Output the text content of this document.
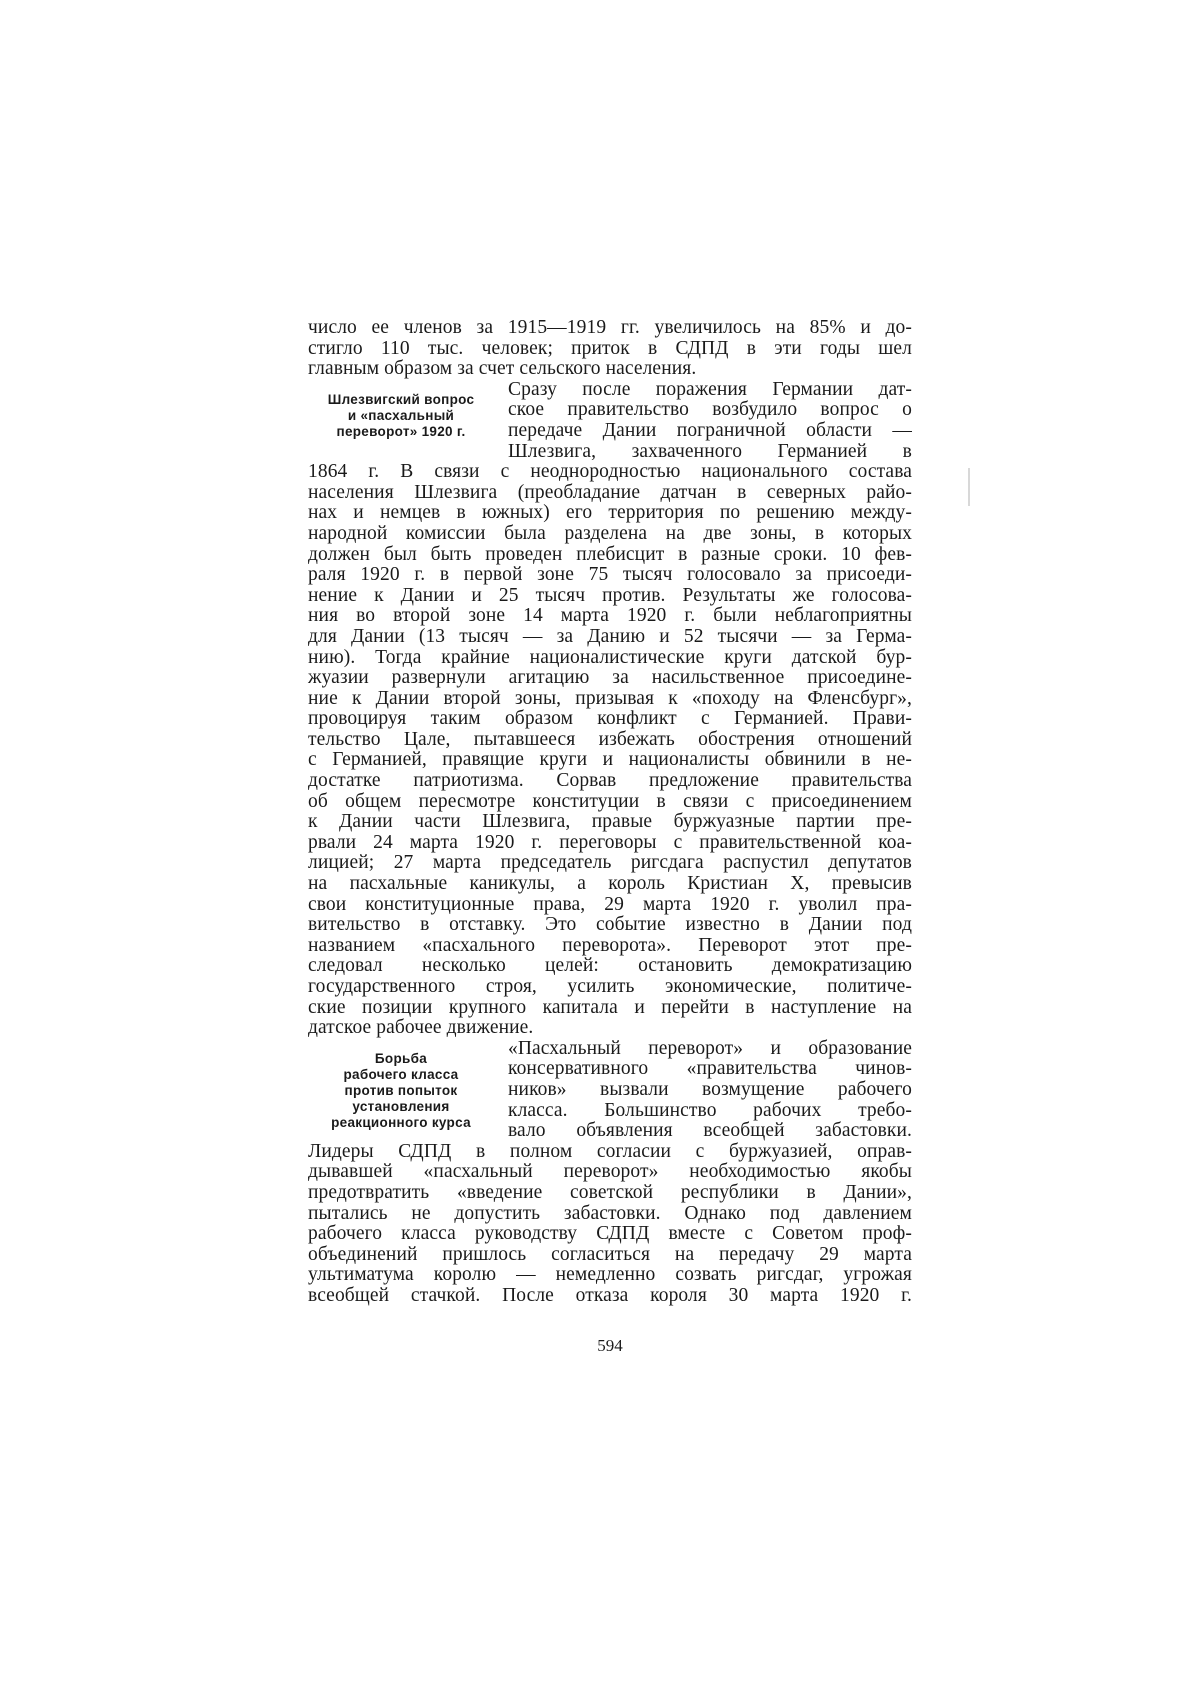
число ее членов за 1915—1919 гг. увеличилось на 85% и до-
стигло 110 тыс. человек; приток в СДПД в эти годы шел
главным образом за счет сельского населения.
Шлезвигский вопрос
и «пасхальный
переворот» 1920 г.
Сразу после поражения Германии дат-
ское правительство возбудило вопрос о
передаче Дании пограничной области —
Шлезвига, захваченного Германией в
1864 г. В связи с неоднородностью национального состава
населения Шлезвига (преобладание датчан в северных райо-
нах и немцев в южных) его территория по решению между-
народной комиссии была разделена на две зоны, в которых
должен был быть проведен плебисцит в разные сроки. 10 фев-
раля 1920 г. в первой зоне 75 тысяч голосовало за присоеди-
нение к Дании и 25 тысяч против. Результаты же голосова-
ния во второй зоне 14 марта 1920 г. были неблагоприятны
для Дании (13 тысяч — за Данию и 52 тысячи — за Герма-
нию). Тогда крайние националистические круги датской бур-
жуазии развернули агитацию за насильственное присоедине-
ние к Дании второй зоны, призывая к «походу на Фленсбург»,
провоцируя таким образом конфликт с Германией. Прави-
тельство Цале, пытавшееся избежать обострения отношений
с Германией, правящие круги и националисты обвинили в не-
достатке патриотизма. Сорвав предложение правительства
об общем пересмотре конституции в связи с присоединением
к Дании части Шлезвига, правые буржуазные партии пре-
рвали 24 марта 1920 г. переговоры с правительственной коа-
лицией; 27 марта председатель ригсдага распустил депутатов
на пасхальные каникулы, а король Кристиан X, превысив
свои конституционные права, 29 марта 1920 г. уволил пра-
вительство в отставку. Это событие известно в Дании под
названием «пасхального переворота». Переворот этот пре-
следовал несколько целей: остановить демократизацию
государственного строя, усилить экономические, политиче-
ские позиции крупного капитала и перейти в наступление на
датское рабочее движение.
Борьба
рабочего класса
против попыток
установления
реакционного курса
«Пасхальный переворот» и образование
консервативного «правительства чинов-
ников» вызвали возмущение рабочего
класса. Большинство рабочих требо-
вало объявления всеобщей забастовки.
Лидеры СДПД в полном согласии с буржуазией, оправ-
дывавшей «пасхальный переворот» необходимостью якобы
предотвратить «введение советской республики в Дании»,
пытались не допустить забастовки. Однако под давлением
рабочего класса руководству СДПД вместе с Советом проф-
объединений пришлось согласиться на передачу 29 марта
ультиматума королю — немедленно созвать ригсдаг, угрожая
всеобщей стачкой. После отказа короля 30 марта 1920 г.
594
